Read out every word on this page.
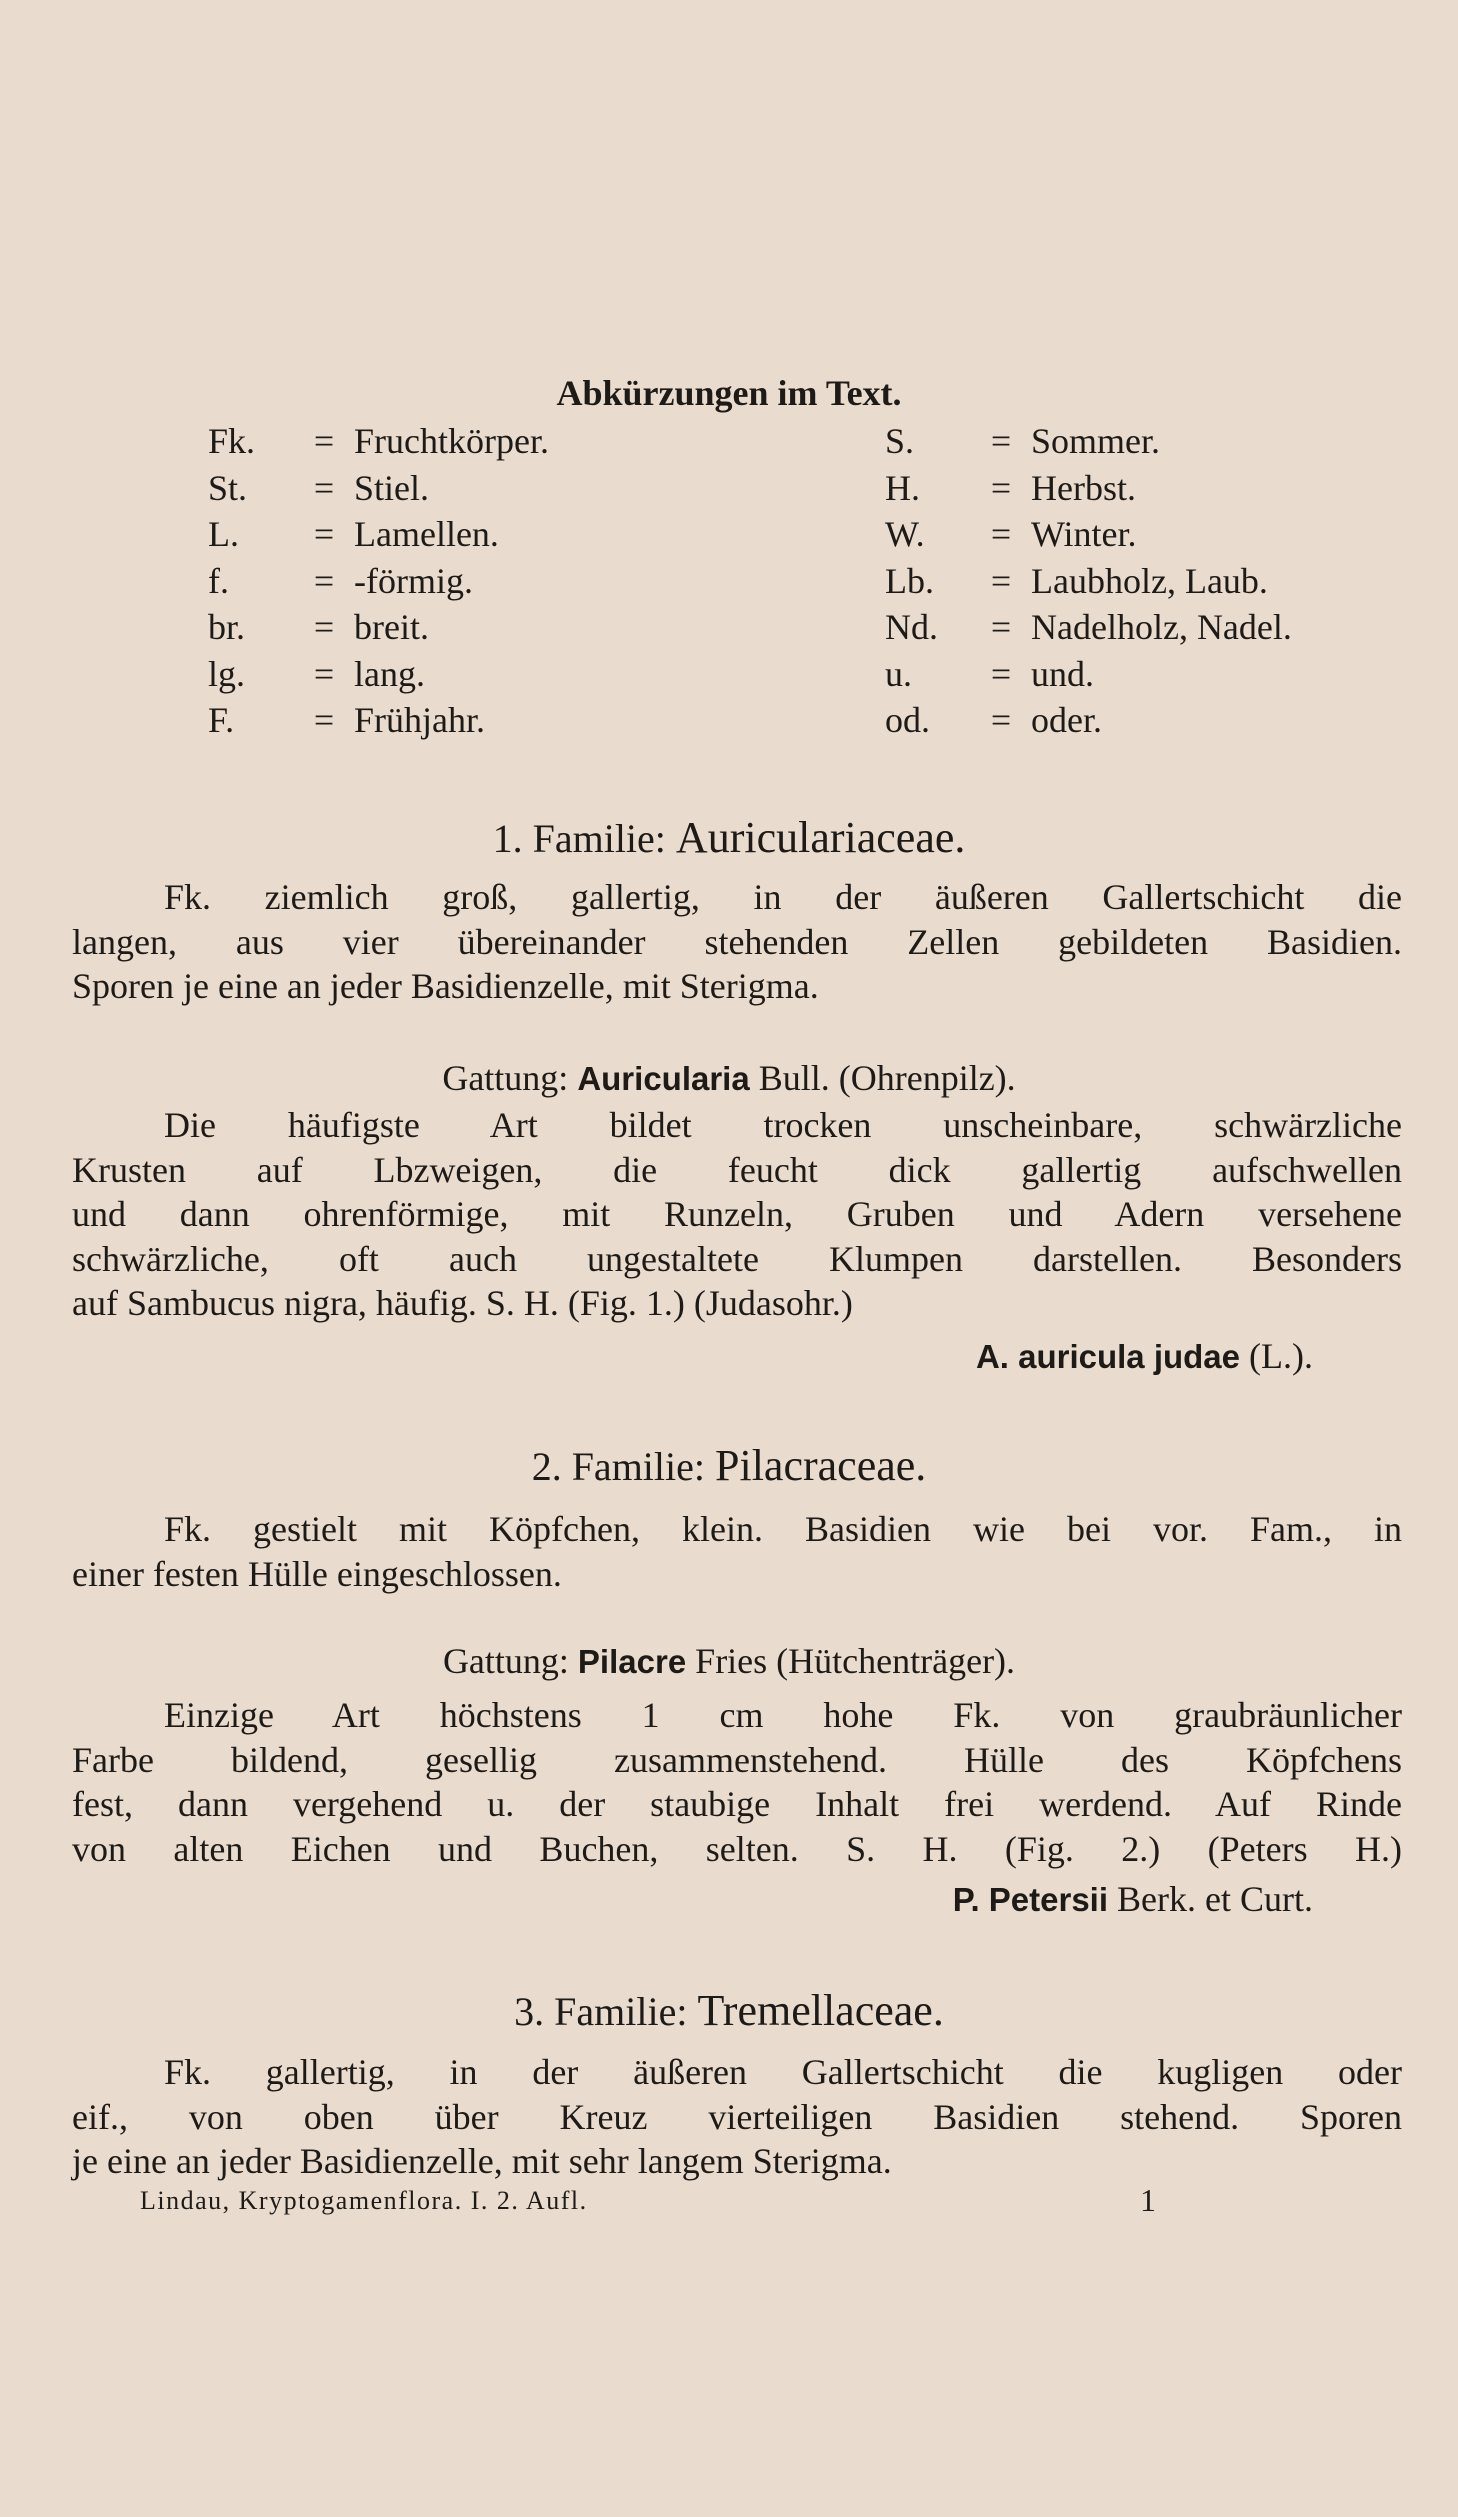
Abkürzungen im Text.
Fk.	= Fruchtkörper.
St.	= Stiel.
L.	= Lamellen.
f.	= -förmig.
br.	= breit.
lg.	= lang.
F.	= Frühjahr.
S.	= Sommer.
H.	= Herbst.
W.	= Winter.
Lb.	= Laubholz, Laub.
Nd.	= Nadelholz, Nadel.
u.	= und.
od.	= oder.
1. Familie: Auriculariaceae.
Fk. ziemlich groß, gallertig, in der äußeren Gallertschicht die
langen, aus vier übereinander stehenden Zellen gebildeten Basidien.
Sporen je eine an jeder Basidienzelle, mit Sterigma.
Gattung: Auricularia Bull. (Ohrenpilz).
Die häufigste Art bildet trocken unscheinbare, schwärzliche
Krusten auf Lbzweigen, die feucht dick gallertig aufschwellen
und dann ohrenförmige, mit Runzeln, Gruben und Adern versehene
schwärzliche, oft auch ungestaltete Klumpen darstellen. Besonders
auf Sambucus nigra, häufig. S. H. (Fig. 1.) (Judasohr.)
A. auricula judae (L.).
2. Familie: Pilacraceae.
Fk. gestielt mit Köpfchen, klein. Basidien wie bei vor. Fam., in
einer festen Hülle eingeschlossen.
Gattung: Pilacre Fries (Hütchenträger).
Einzige Art höchstens 1 cm hohe Fk. von graubräunlicher
Farbe bildend, gesellig zusammenstehend. Hülle des Köpfchens
fest, dann vergehend u. der staubige Inhalt frei werdend. Auf Rinde
von alten Eichen und Buchen, selten. S. H. (Fig. 2.) (Peters H.)
P. Petersii Berk. et Curt.
3. Familie: Tremellaceae.
Fk. gallertig, in der äußeren Gallertschicht die kugligen oder
eif., von oben über Kreuz vierteiligen Basidien stehend. Sporen
je eine an jeder Basidienzelle, mit sehr langem Sterigma.
Lindau, Kryptogamenflora. I. 2. Aufl.	1
